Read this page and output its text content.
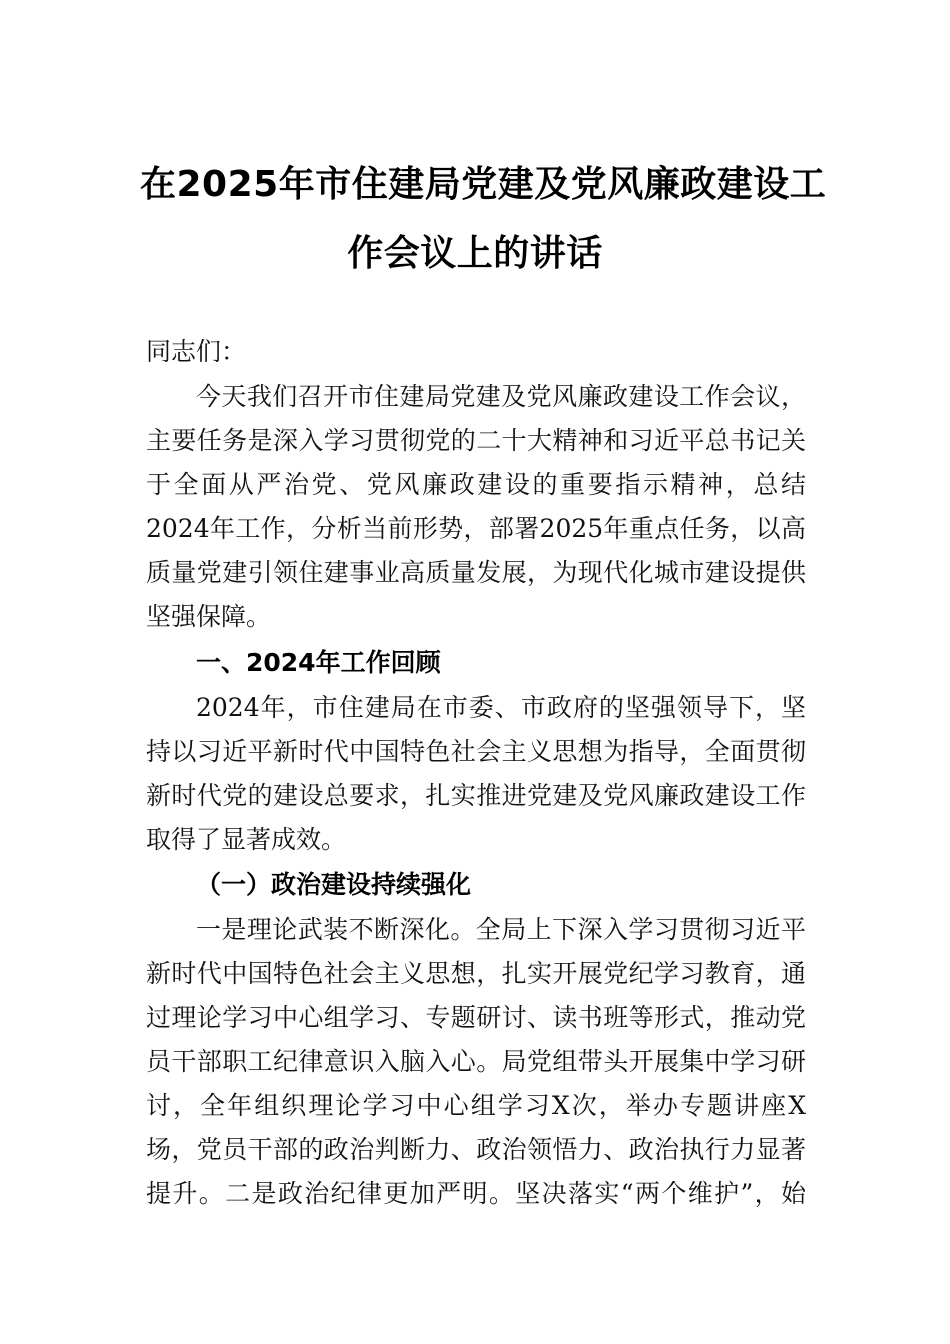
在2025年市住建局党建及党风廉政建设工
作会议上的讲话
同志们：
今天我们召开市住建局党建及党风廉政建设工作会议，
主要任务是深入学习贯彻党的二十大精神和习近平总书记关
于全面从严治党、党风廉政建设的重要指示精神，总结
2024年工作，分析当前形势，部署2025年重点任务，以高
质量党建引领住建事业高质量发展，为现代化城市建设提供
坚强保障。
一、2024年工作回顾
2024年，市住建局在市委、市政府的坚强领导下，坚
持以习近平新时代中国特色社会主义思想为指导，全面贯彻
新时代党的建设总要求，扎实推进党建及党风廉政建设工作
取得了显著成效。
（一）政治建设持续强化
一是理论武装不断深化。全局上下深入学习贯彻习近平
新时代中国特色社会主义思想，扎实开展党纪学习教育，通
过理论学习中心组学习、专题研讨、读书班等形式，推动党
员干部职工纪律意识入脑入心。局党组带头开展集中学习研
讨，全年组织理论学习中心组学习X次，举办专题讲座X
场，党员干部的政治判断力、政治领悟力、政治执行力显著
提升。二是政治纪律更加严明。坚决落实“两个维护”，始
